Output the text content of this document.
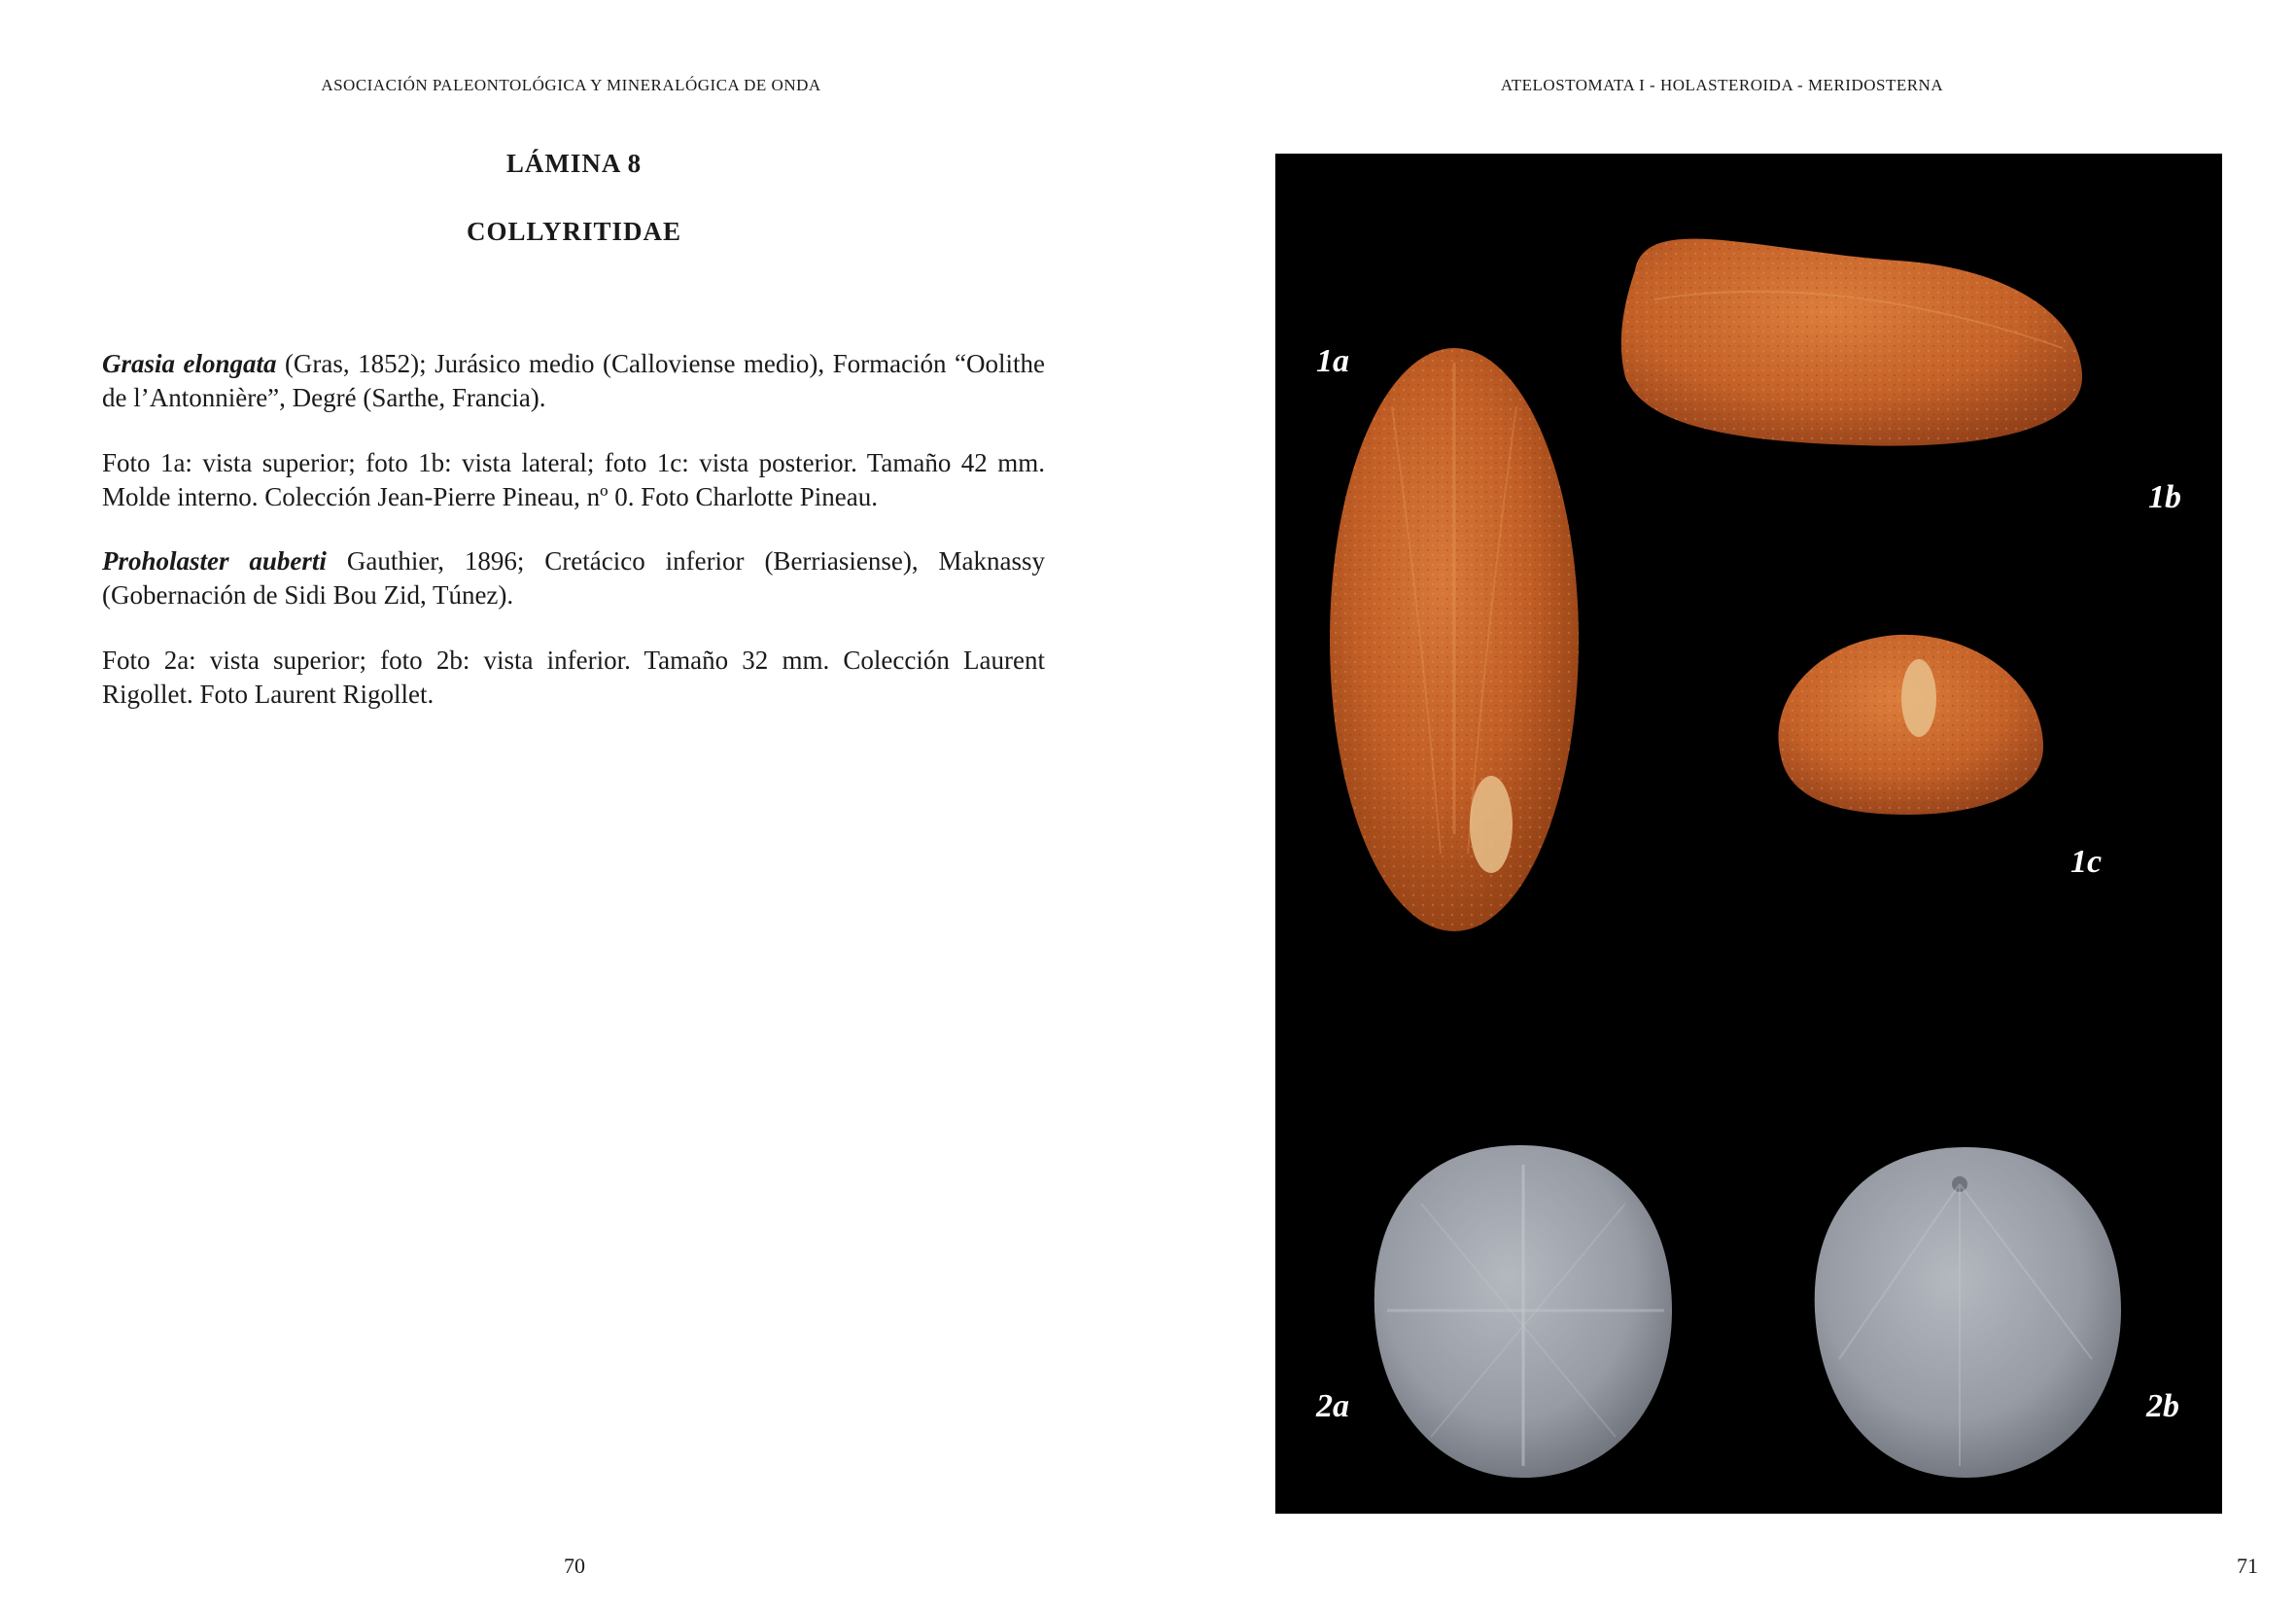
ASOCIACIÓN PALEONTOLÓGICA Y MINERALÓGICA DE ONDA
LÁMINA 8
COLLYRITIDAE
Grasia elongata (Gras, 1852); Jurásico medio (Calloviense medio), Formación “Oolithe de l’Antonnière”, Degré (Sarthe, Francia).
Foto 1a: vista superior; foto 1b: vista lateral; foto 1c: vista posterior. Tamaño 42 mm. Molde interno. Colección Jean-Pierre Pineau, nº 0. Foto Charlotte Pineau.
Proholaster auberti Gauthier, 1896; Cretácico inferior (Berriasiense), Maknassy (Gobernación de Sidi Bou Zid, Túnez).
Foto 2a: vista superior; foto 2b: vista inferior. Tamaño 32 mm. Colección Laurent Rigollet. Foto Laurent Rigollet.
70
ATELOSTOMATA I - HOLASTEROIDA - MERIDOSTERNA
71
1a
1b
1c
2a	2b
